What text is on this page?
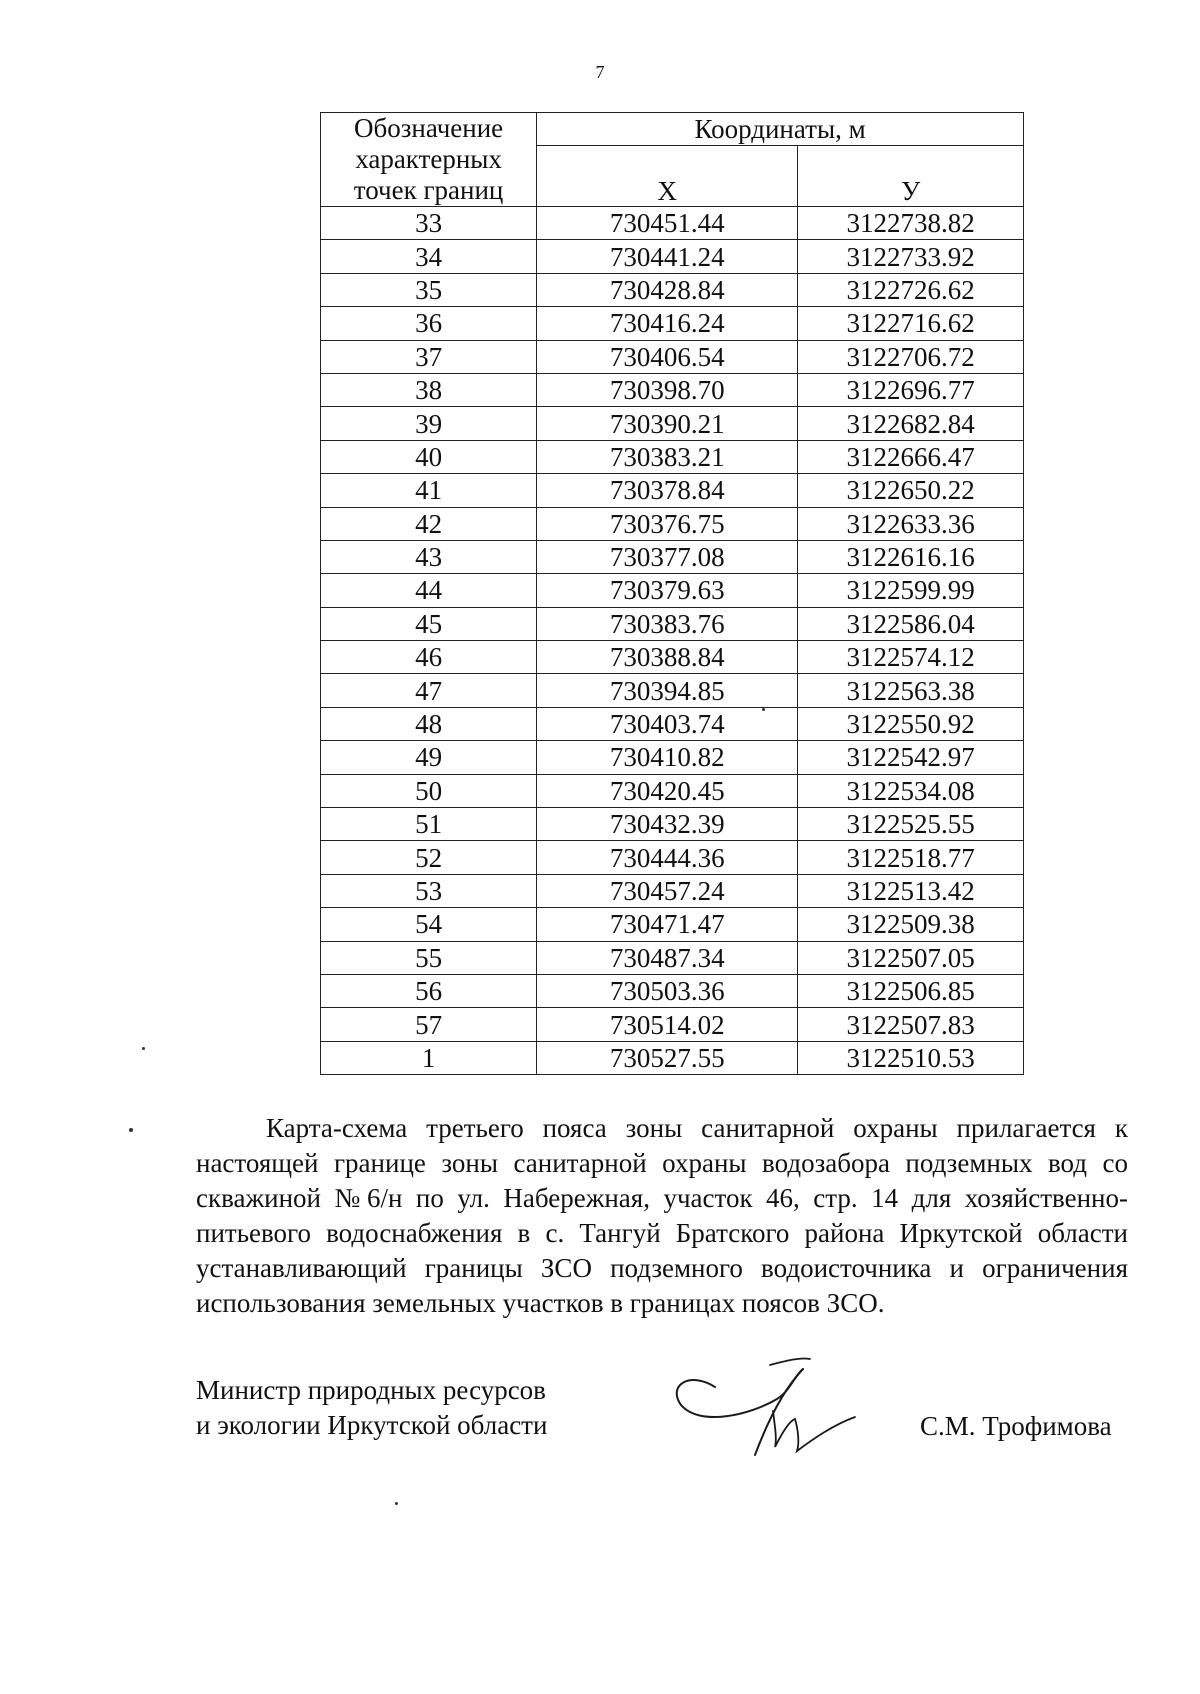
7
Обозначение характерных точек границ	Координаты, м	
	Х	У
33	730451.44	3122738.82
34	730441.24	3122733.92
35	730428.84	3122726.62
36	730416.24	3122716.62
37	730406.54	3122706.72
38	730398.70	3122696.77
39	730390.21	3122682.84
40	730383.21	3122666.47
41	730378.84	3122650.22
42	730376.75	3122633.36
43	730377.08	3122616.16
44	730379.63	3122599.99
45	730383.76	3122586.04
46	730388.84	3122574.12
47	730394.85	3122563.38
48	730403.74	3122550.92
49	730410.82	3122542.97
50	730420.45	3122534.08
51	730432.39	3122525.55
52	730444.36	3122518.77
53	730457.24	3122513.42
54	730471.47	3122509.38
55	730487.34	3122507.05
56	730503.36	3122506.85
57	730514.02	3122507.83
1	730527.55	3122510.53
Карта-схема третьего пояса зоны санитарной охраны прилагается к настоящей границе зоны санитарной охраны водозабора подземных вод со скважиной №6/н по ул. Набережная, участок 46, стр. 14 для хозяйственно-питьевого водоснабжения в с. Тангуй Братского района Иркутской области устанавливающий границы ЗСО подземного водоисточника и ограничения использования земельных участков в границах поясов ЗСО.
Министр природных ресурсов
и экологии Иркутской области	С.М. Трофимова
